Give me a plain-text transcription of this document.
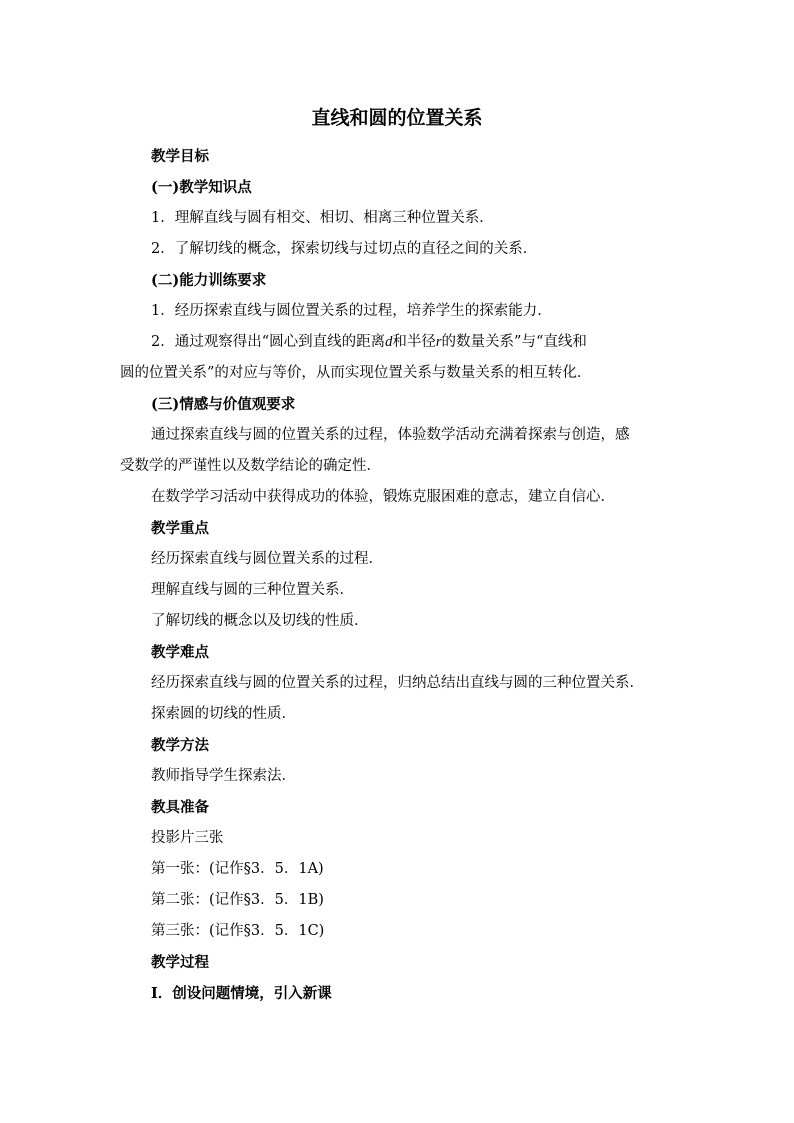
直线和圆的位置关系
教学目标
(一)教学知识点
1．理解直线与圆有相交、相切、相离三种位置关系．
2．了解切线的概念，探索切线与过切点的直径之间的关系．
(二)能力训练要求
1．经历探索直线与圆位置关系的过程，培养学生的探索能力．
2．通过观察得出“圆心到直线的距离d和半径r的数量关系”与“直线和
圆的位置关系”的对应与等价，从而实现位置关系与数量关系的相互转化．
(三)情感与价值观要求
通过探索直线与圆的位置关系的过程，体验数学活动充满着探索与创造，感
受数学的严谨性以及数学结论的确定性．
在数学学习活动中获得成功的体验，锻炼克服困难的意志，建立自信心．
教学重点
经历探索直线与圆位置关系的过程．
理解直线与圆的三种位置关系．
了解切线的概念以及切线的性质．
教学难点
经历探索直线与圆的位置关系的过程，归纳总结出直线与圆的三种位置关系．
探索圆的切线的性质．
教学方法
教师指导学生探索法．
教具准备
投影片三张
第一张：(记作§3．5．1A)
第二张：(记作§3．5．1B)
第三张：(记作§3．5．1C)
教学过程
Ⅰ．创设问题情境，引入新课
